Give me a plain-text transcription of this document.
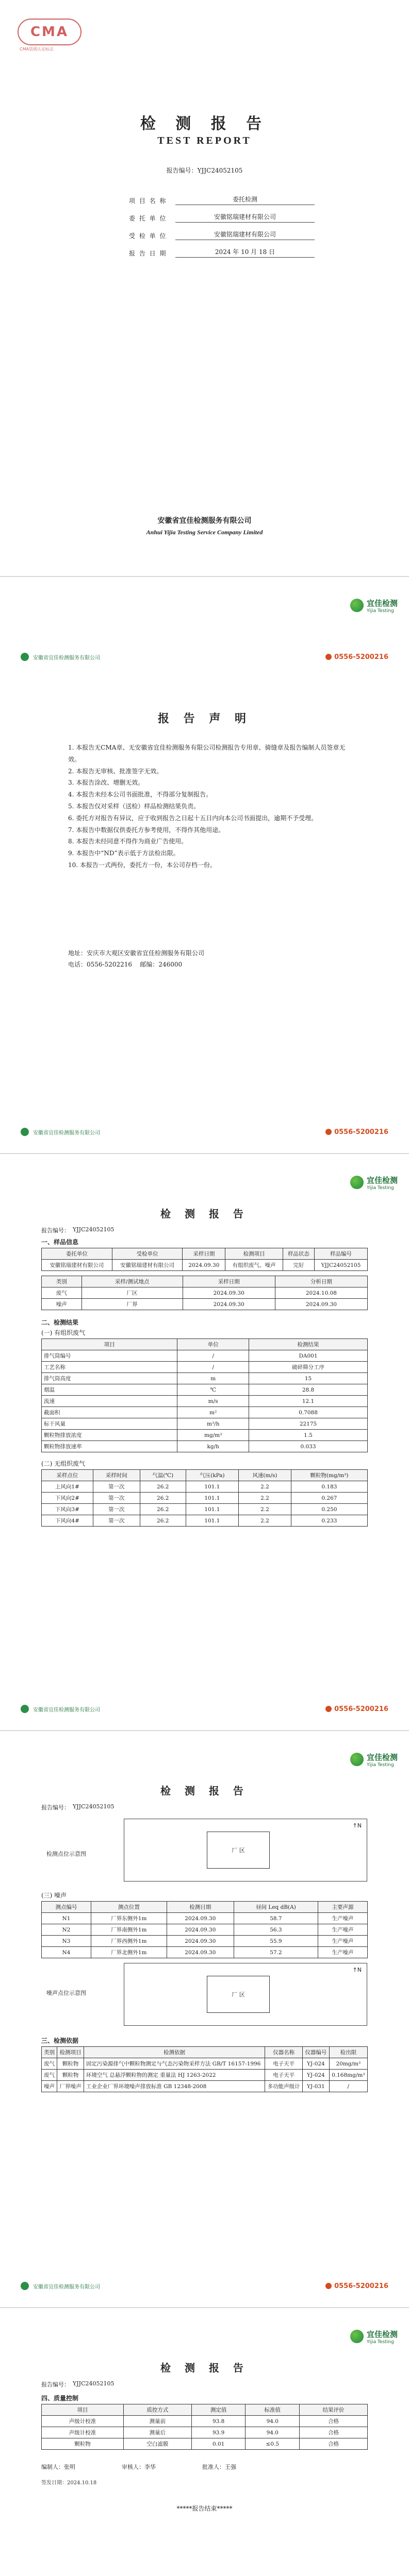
CMA
CMA资质认定标志
检 测 报 告
TEST REPORT
报告编号：YJJC24052105
项 目 名 称	委托检测
委 托 单 位	安徽铭瑞建材有限公司
受 检 单 位	安徽铭瑞建材有限公司
报 告 日 期	2024 年 10 月 18 日
安徽省宜佳检测服务有限公司
Anhui Yijia Testing Service Company Limited
宜佳检测
Yijia Testing
安徽省宜佳检测服务有限公司	0556-5200216
报 告 声 明

1. 本报告无CMA章、无安徽省宜佳检测服务有限公司检测报告专用章、骑缝章及报告编制人员签章无效。

2. 本报告无审核、批准签字无效。

3. 本报告涂改、增删无效。

4. 本报告未经本公司书面批准，不得部分复制报告。

5. 本报告仅对采样（送检）样品检测结果负责。

6. 委托方对报告有异议，应于收到报告之日起十五日内向本公司书面提出，逾期不予受理。

7. 本报告中数据仅供委托方参考使用，不得作其他用途。

8. 本报告未经同意不得作为商业广告使用。

9. 本报告中“ND”表示低于方法检出限。

10. 本报告一式两份，委托方一份，本公司存档一份。

地址：安庆市大观区安徽省宜佳检测服务有限公司
电话：0556-5202216 邮编：246000
安徽省宜佳检测服务有限公司	0556-5200216
宜佳检测
Yijia Testing
检 测 报 告
报告编号： YJJC24052105
一、样品信息
委托单位	受检单位	采样日期	检测项目	样品状态	样品编号
安徽铭瑞建材有限公司	安徽铭瑞建材有限公司	2024.09.30	有组织废气、噪声	完好	YJJC24052105
类别	采样/测试地点	采样日期	分析日期
废气	厂区	2024.09.30	2024.10.08
噪声	厂界	2024.09.30	2024.09.30
二、检测结果
(一) 有组织废气
项目	单位	检测结果
排气筒编号	/	DA001
工艺名称	/	破碎筛分工序
排气筒高度	m	15
烟温	℃	28.8
流速	m/s	12.1
截面积	m²	0.7088
标干风量	m³/h	22175
颗粒物排放浓度	mg/m³	1.5
颗粒物排放速率	kg/h	0.033
(二) 无组织废气
采样点位	采样时间	气温(℃)	气压(kPa)	风速(m/s)	颗粒物(mg/m³)
上风向1#	第一次	26.2	101.1	2.2	0.183
下风向2#	第一次	26.2	101.1	2.2	0.267
下风向3#	第一次	26.2	101.1	2.2	0.250
下风向4#	第一次	26.2	101.1	2.2	0.233
安徽省宜佳检测服务有限公司	0556-5200216
宜佳检测
Yijia Testing
检 测 报 告
报告编号： YJJC24052105
检测点位示意图
厂 区
↑N
(三) 噪声
测点编号	测点位置	检测日期	昼间 Leq dB(A)	主要声源
N1	厂界东侧外1m	2024.09.30	58.7	生产噪声
N2	厂界南侧外1m	2024.09.30	56.3	生产噪声
N3	厂界西侧外1m	2024.09.30	55.9	生产噪声
N4	厂界北侧外1m	2024.09.30	57.2	生产噪声
噪声点位示意图	厂 区
↑N
三、检测依据
类别	检测项目	检测依据	仪器名称	仪器编号	检出限
废气	颗粒物	固定污染源排气中颗粒物测定与气态污染物采样方法 GB/T 16157-1996	电子天平	YJ-024	20mg/m³
废气	颗粒物	环境空气 总悬浮颗粒物的测定 重量法 HJ 1263-2022	电子天平	YJ-024	0.168mg/m³
噪声	厂界噪声	工业企业厂界环境噪声排放标准 GB 12348-2008	多功能声级计	YJ-031	/
安徽省宜佳检测服务有限公司	0556-5200216
宜佳检测
Yijia Testing
检 测 报 告
报告编号： YJJC24052105
四、质量控制
项目	质控方式	测定值	标准值	结果评价
声级计校准	测量前	93.8	94.0	合格
声级计校准	测量后	93.9	94.0	合格
颗粒物	空白滤膜	0.01	≤0.5	合格
编制人：张明	审核人：李华	批准人：王强
签发日期：2024.10.18
*****报告结束*****
